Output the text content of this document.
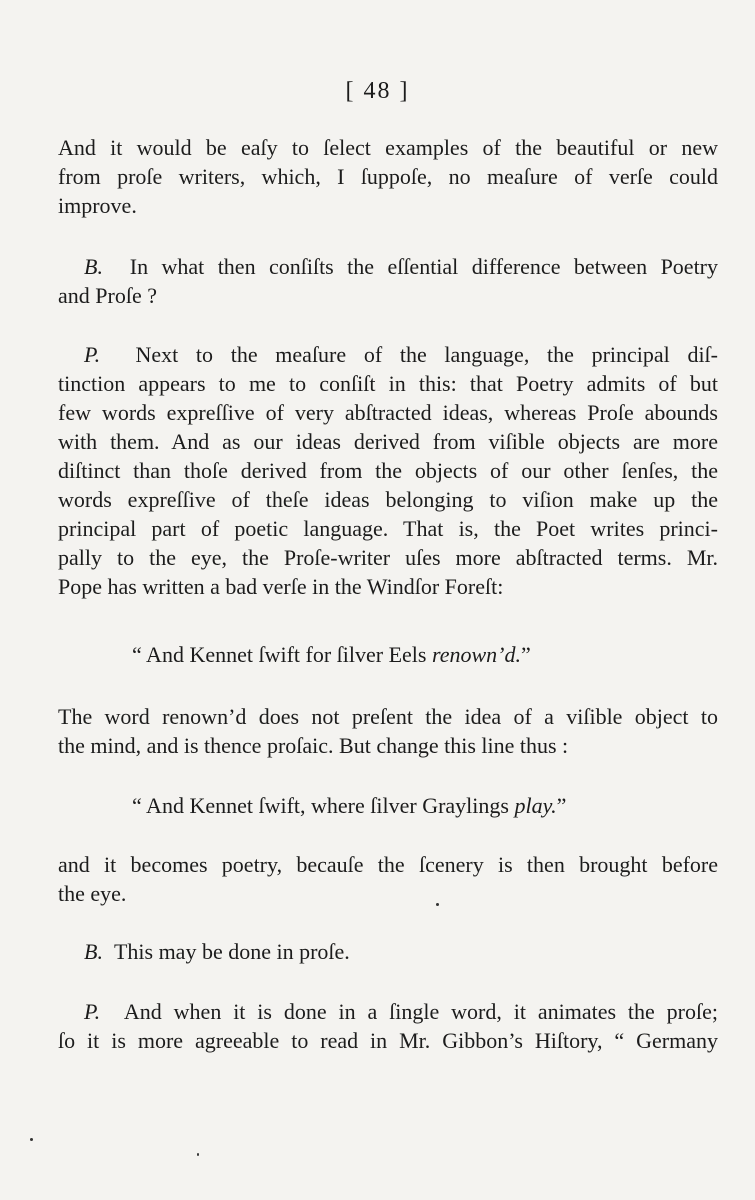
[ 48 ]
And it would be eaſy to ſelect examples of the beautiful or new
from proſe writers, which, I ſuppoſe, no meaſure of verſe could
improve.
B. In what then conſiſts the eſſential difference between Poetry
and Proſe ?
P. Next to the meaſure of the language, the principal diſ-
tinction appears to me to conſiſt in this: that Poetry admits of but
few words expreſſive of very abſtracted ideas, whereas Proſe abounds
with them. And as our ideas derived from viſible objects are more
diſtinct than thoſe derived from the objects of our other ſenſes, the
words expreſſive of theſe ideas belonging to viſion make up the
principal part of poetic language. That is, the Poet writes princi-
pally to the eye, the Proſe-writer uſes more abſtracted terms. Mr.
Pope has written a bad verſe in the Windſor Foreſt:
“ And Kennet ſwift for ſilver Eels renown’d.”
The word renown’d does not preſent the idea of a viſible object to
the mind, and is thence proſaic. But change this line thus :
“ And Kennet ſwift, where ſilver Graylings play.”
and it becomes poetry, becauſe the ſcenery is then brought before
the eye.
B. This may be done in proſe.
P. And when it is done in a ſingle word, it animates the proſe;
ſo it is more agreeable to read in Mr. Gibbon’s Hiſtory, “ Germany
